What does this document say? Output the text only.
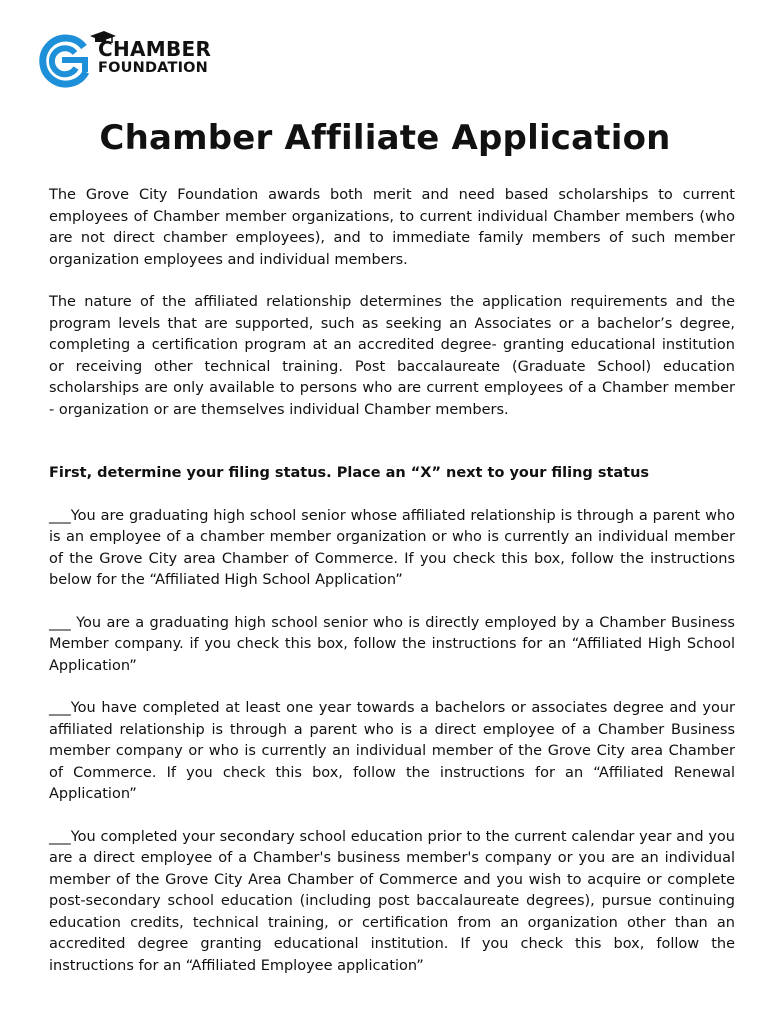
CHAMBER
FOUNDATION
Chamber Affiliate Application

The Grove City Foundation awards both merit and need based scholarships to current employees of Chamber member organizations, to current individual Chamber members (who are not direct chamber employees), and to immediate family members of such member organization employees and individual members.

The nature of the affiliated relationship determines the application requirements and the program levels that are supported, such as seeking an Associates or a bachelor’s degree, completing a certification program at an accredited degree- granting educational institution or receiving other technical training. Post baccalaureate (Graduate School) education scholarships are only available to persons who are current employees of a Chamber member - organization or are themselves individual Chamber members.

First, determine your filing status. Place an “X” next to your filing status

___You are graduating high school senior whose affiliated relationship is through a parent who is an employee of a chamber member organization or who is currently an individual member of the Grove City area Chamber of Commerce. If you check this box, follow the instructions below for the “Affiliated High School Application”

___ You are a graduating high school senior who is directly employed by a Chamber Business Member company. if you check this box, follow the instructions for an “Affiliated High School Application”

___You have completed at least one year towards a bachelors or associates degree and your affiliated relationship is through a parent who is a direct employee of a Chamber Business member company or who is currently an individual member of the Grove City area Chamber of Commerce. If you check this box, follow the instructions for an “Affiliated Renewal Application”

___You completed your secondary school education prior to the current calendar year and you are a direct employee of a Chamber's business member's company or you are an individual member of the Grove City Area Chamber of Commerce and you wish to acquire or complete post-secondary school education (including post baccalaureate degrees), pursue continuing education credits, technical training, or certification from an organization other than an accredited degree granting educational institution. If you check this box, follow the instructions for an “Affiliated Employee application”
